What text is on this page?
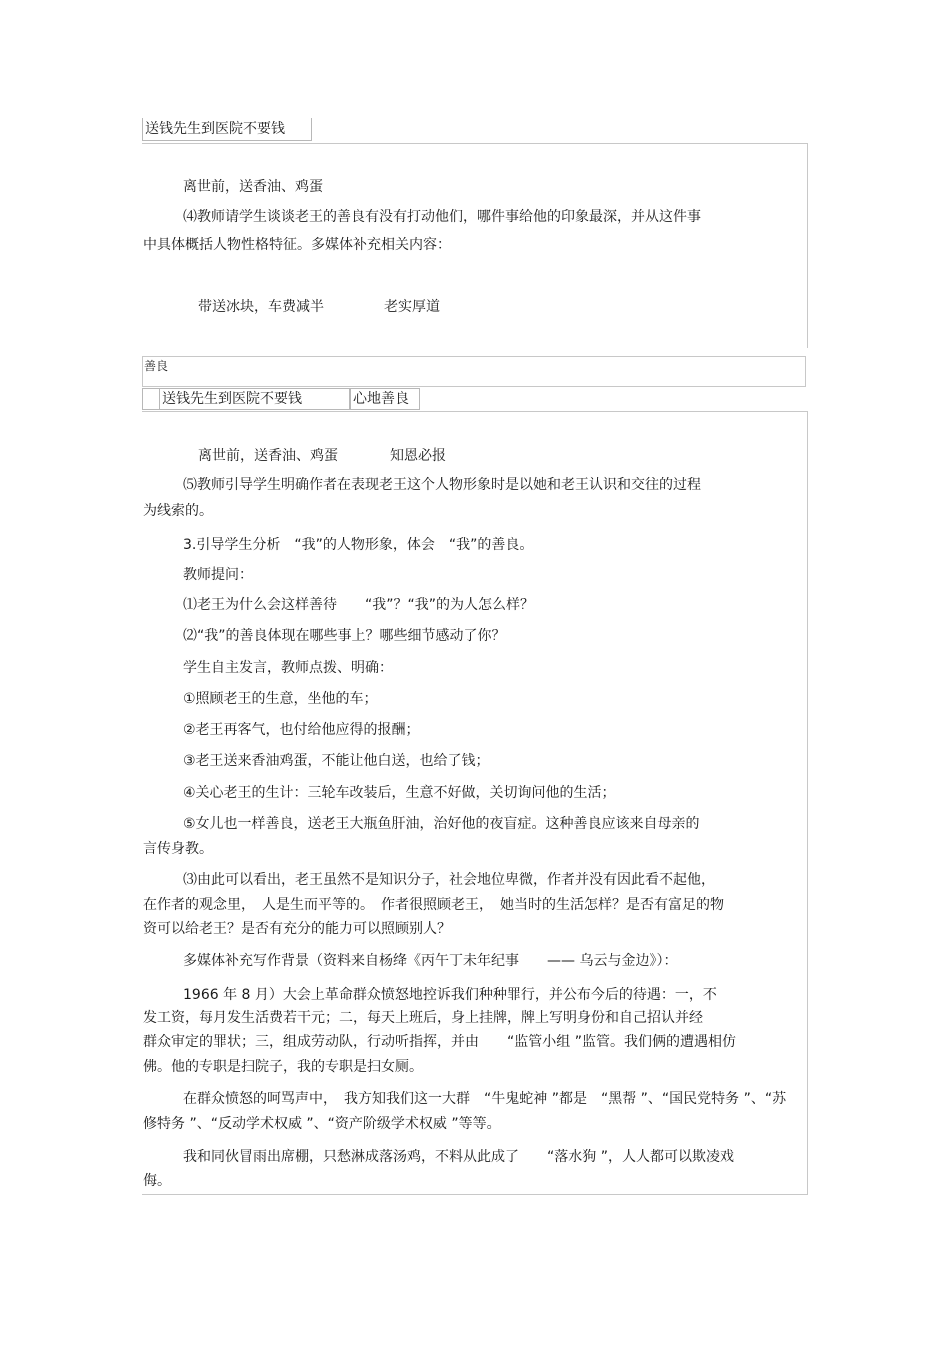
送钱先生到医院不要钱
离世前，送香油、鸡蛋
⑷教师请学生谈谈老王的善良有没有打动他们，哪件事给他的印象最深，并从这件事
中具体概括人物性格特征。多媒体补充相关内容：
带送冰块，车费减半	老实厚道
善良
送钱先生到医院不要钱	心地善良
离世前，送香油、鸡蛋	知恩必报
⑸教师引导学生明确作者在表现老王这个人物形象时是以她和老王认识和交往的过程
为线索的。
3.引导学生分析　“我”的人物形象，体会　“我”的善良。
教师提问：
⑴老王为什么会这样善待　　“我”？“我”的为人怎么样？
⑵“我”的善良体现在哪些事上？哪些细节感动了你？
学生自主发言，教师点拨、明确：
①照顾老王的生意，坐他的车；
②老王再客气，也付给他应得的报酬；
③老王送来香油鸡蛋，不能让他白送，也给了钱；
④关心老王的生计：三轮车改装后，生意不好做，关切询问他的生活；
⑤女儿也一样善良，送老王大瓶鱼肝油，治好他的夜盲症。这种善良应该来自母亲的
言传身教。
⑶由此可以看出，老王虽然不是知识分子，社会地位卑微，作者并没有因此看不起他，
在作者的观念里，　人是生而平等的。　作者很照顾老王，　她当时的生活怎样？是否有富足的物
资可以给老王？是否有充分的能力可以照顾别人？
多媒体补充写作背景（资料来自杨绛《丙午丁未年纪事　　—— 乌云与金边》）：
1966 年 8 月）大会上革命群众愤怒地控诉我们种种罪行，并公布今后的待遇：一，不
发工资，每月发生活费若干元；二，每天上班后，身上挂牌，牌上写明身份和自己招认并经
群众审定的罪状；三，组成劳动队，行动听指挥，并由　　“监管小组 ”监管。我们俩的遭遇相仿
佛。他的专职是扫院子，我的专职是扫女厕。
在群众愤怒的呵骂声中，　我方知我们这一大群　“牛鬼蛇神 ”都是　“黑帮 ”、“国民党特务 ”、“苏
修特务 ”、“反动学术权威 ”、“资产阶级学术权威 ”等等。
我和同伙冒雨出席棚，只愁淋成落汤鸡，不料从此成了　　“落水狗 ”，人人都可以欺凌戏
侮。
